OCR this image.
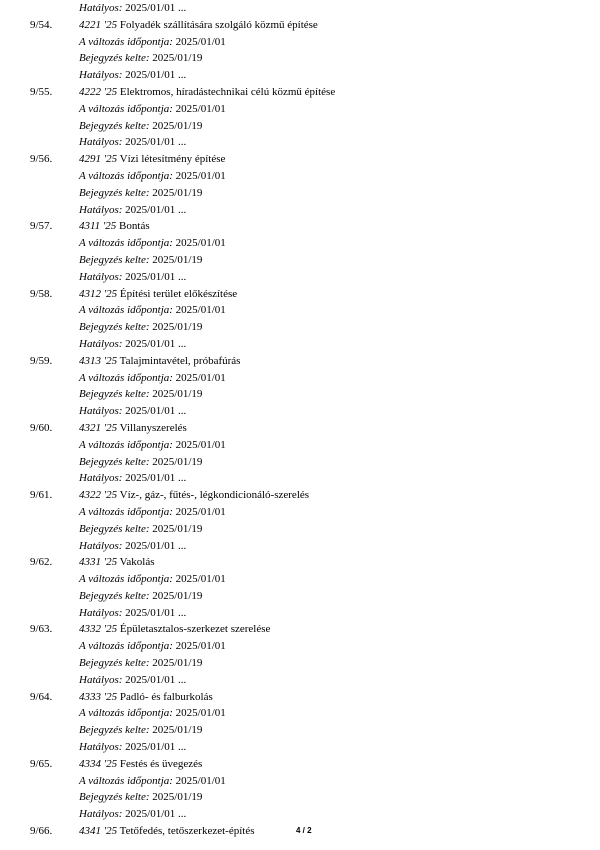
Hatályos: 2025/01/01 ...
9/54. 4221 '25 Folyadék szállítására szolgáló közmű építése
A változás időpontja: 2025/01/01
Bejegyzés kelte: 2025/01/19
Hatályos: 2025/01/01 ...
9/55. 4222 '25 Elektromos, híradástechnikai célú közmű építése
A változás időpontja: 2025/01/01
Bejegyzés kelte: 2025/01/19
Hatályos: 2025/01/01 ...
9/56. 4291 '25 Vízi létesítmény építése
A változás időpontja: 2025/01/01
Bejegyzés kelte: 2025/01/19
Hatályos: 2025/01/01 ...
9/57. 4311 '25 Bontás
A változás időpontja: 2025/01/01
Bejegyzés kelte: 2025/01/19
Hatályos: 2025/01/01 ...
9/58. 4312 '25 Építési terület előkészítése
A változás időpontja: 2025/01/01
Bejegyzés kelte: 2025/01/19
Hatályos: 2025/01/01 ...
9/59. 4313 '25 Talajmintavétel, próbafúrás
A változás időpontja: 2025/01/01
Bejegyzés kelte: 2025/01/19
Hatályos: 2025/01/01 ...
9/60. 4321 '25 Villanyszerelés
A változás időpontja: 2025/01/01
Bejegyzés kelte: 2025/01/19
Hatályos: 2025/01/01 ...
9/61. 4322 '25 Víz-, gáz-, fűtés-, légkondicionáló-szerelés
A változás időpontja: 2025/01/01
Bejegyzés kelte: 2025/01/19
Hatályos: 2025/01/01 ...
9/62. 4331 '25 Vakolás
A változás időpontja: 2025/01/01
Bejegyzés kelte: 2025/01/19
Hatályos: 2025/01/01 ...
9/63. 4332 '25 Épületasztalos-szerkezet szerelése
A változás időpontja: 2025/01/01
Bejegyzés kelte: 2025/01/19
Hatályos: 2025/01/01 ...
9/64. 4333 '25 Padló- és falburkolás
A változás időpontja: 2025/01/01
Bejegyzés kelte: 2025/01/19
Hatályos: 2025/01/01 ...
9/65. 4334 '25 Festés és üvegezés
A változás időpontja: 2025/01/01
Bejegyzés kelte: 2025/01/19
Hatályos: 2025/01/01 ...
9/66. 4341 '25 Tetőfedés, tetőszerkezet-építés	4 / 2
